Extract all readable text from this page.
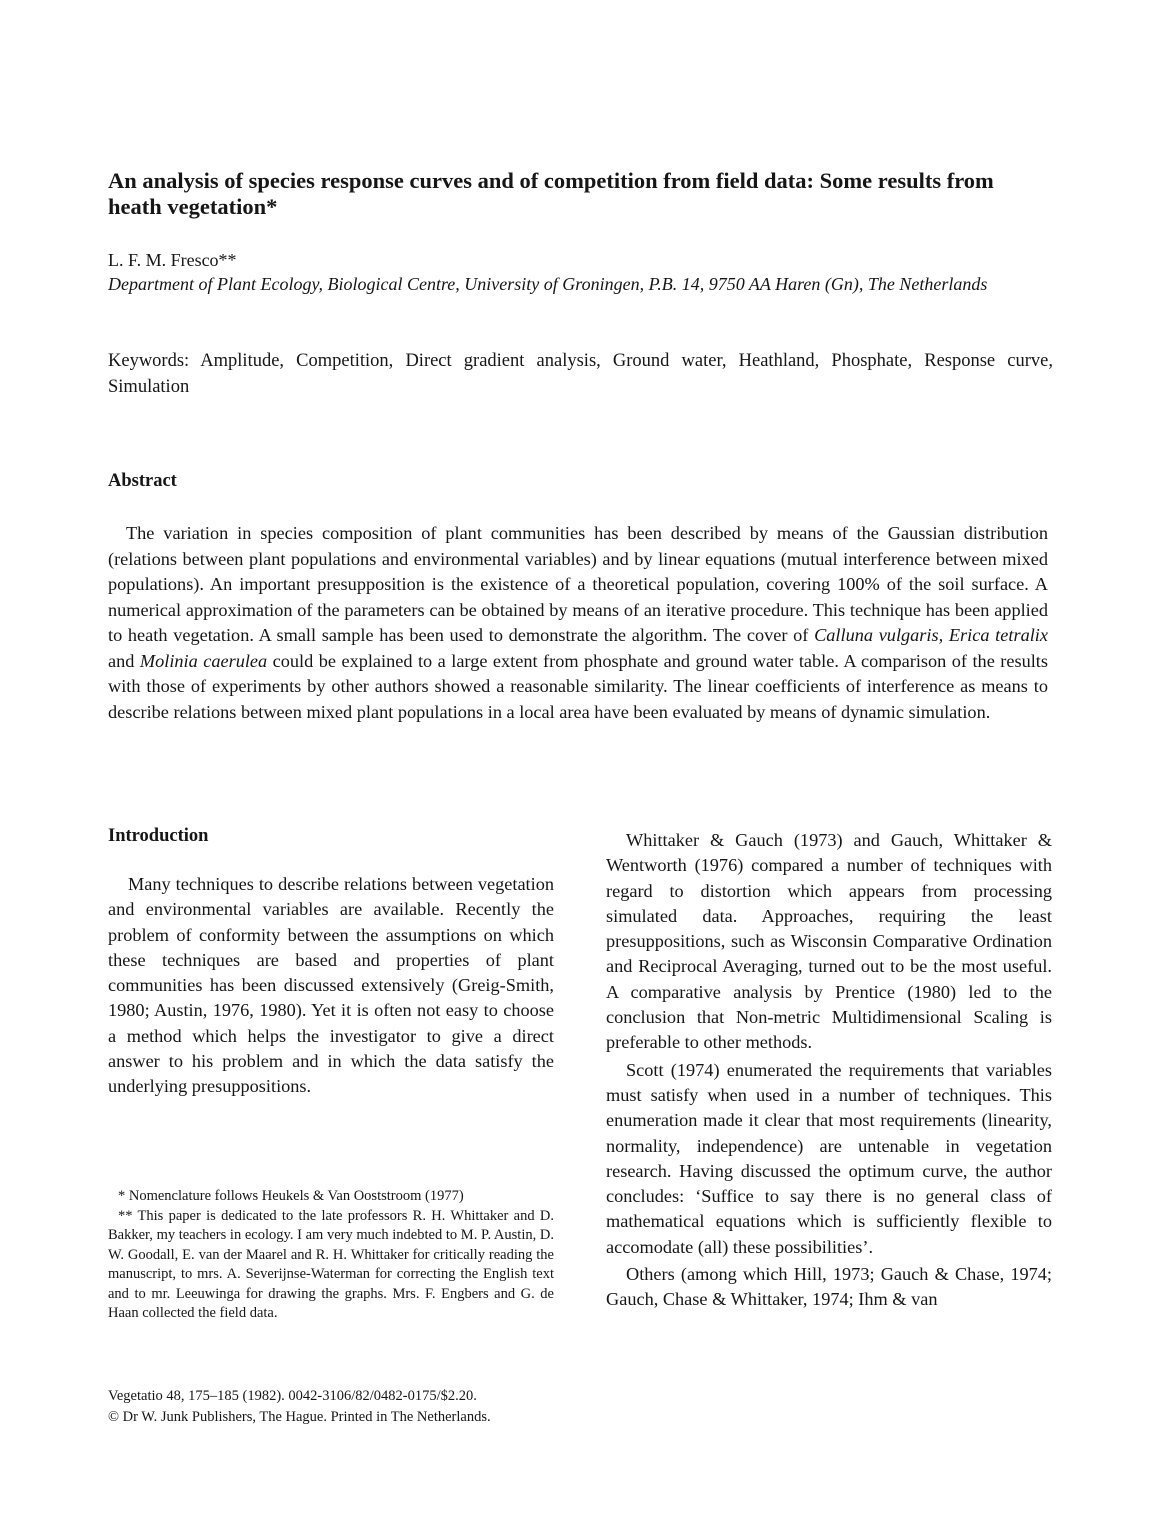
An analysis of species response curves and of competition from field data: Some results from heath vegetation*
L. F. M. Fresco**
Department of Plant Ecology, Biological Centre, University of Groningen, P.B. 14, 9750 AA Haren (Gn), The Netherlands
Keywords: Amplitude, Competition, Direct gradient analysis, Ground water, Heathland, Phosphate, Response curve, Simulation
Abstract

The variation in species composition of plant communities has been described by means of the Gaussian distribution (relations between plant populations and environmental variables) and by linear equations (mutual interference between mixed populations). An important presupposition is the existence of a theoretical population, covering 100% of the soil surface. A numerical approximation of the parameters can be obtained by means of an iterative procedure. This technique has been applied to heath vegetation. A small sample has been used to demonstrate the algorithm. The cover of Calluna vulgaris, Erica tetralix and Molinia caerulea could be explained to a large extent from phosphate and ground water table. A comparison of the results with those of experiments by other authors showed a reasonable similarity. The linear coefficients of interference as means to describe relations between mixed plant populations in a local area have been evaluated by means of dynamic simulation.

Introduction

Many techniques to describe relations between vegetation and environmental variables are available. Recently the problem of conformity between the assumptions on which these techniques are based and properties of plant communities has been discussed extensively (Greig-Smith, 1980; Austin, 1976, 1980). Yet it is often not easy to choose a method which helps the investigator to give a direct answer to his problem and in which the data satisfy the underlying presuppositions.

Whittaker & Gauch (1973) and Gauch, Whittaker & Wentworth (1976) compared a number of techniques with regard to distortion which appears from processing simulated data. Approaches, requiring the least presuppositions, such as Wisconsin Comparative Ordination and Reciprocal Averaging, turned out to be the most useful. A comparative analysis by Prentice (1980) led to the conclusion that Non-metric Multidimensional Scaling is preferable to other methods.

Scott (1974) enumerated the requirements that variables must satisfy when used in a number of techniques. This enumeration made it clear that most requirements (linearity, normality, independence) are untenable in vegetation research. Having discussed the optimum curve, the author concludes: ‘Suffice to say there is no general class of mathematical equations which is sufficiently flexible to accomodate (all) these possibilities’.

Others (among which Hill, 1973; Gauch & Chase, 1974; Gauch, Chase & Whittaker, 1974; Ihm & van

* Nomenclature follows Heukels & Van Ooststroom (1977)

** This paper is dedicated to the late professors R. H. Whittaker and D. Bakker, my teachers in ecology. I am very much indebted to M. P. Austin, D. W. Goodall, E. van der Maarel and R. H. Whittaker for critically reading the manuscript, to mrs. A. Severijnse-Waterman for correcting the English text and to mr. Leeuwinga for drawing the graphs. Mrs. F. Engbers and G. de Haan collected the field data.

Vegetatio 48, 175–185 (1982). 0042-3106/82/0482-0175/$2.20.
© Dr W. Junk Publishers, The Hague. Printed in The Netherlands.
